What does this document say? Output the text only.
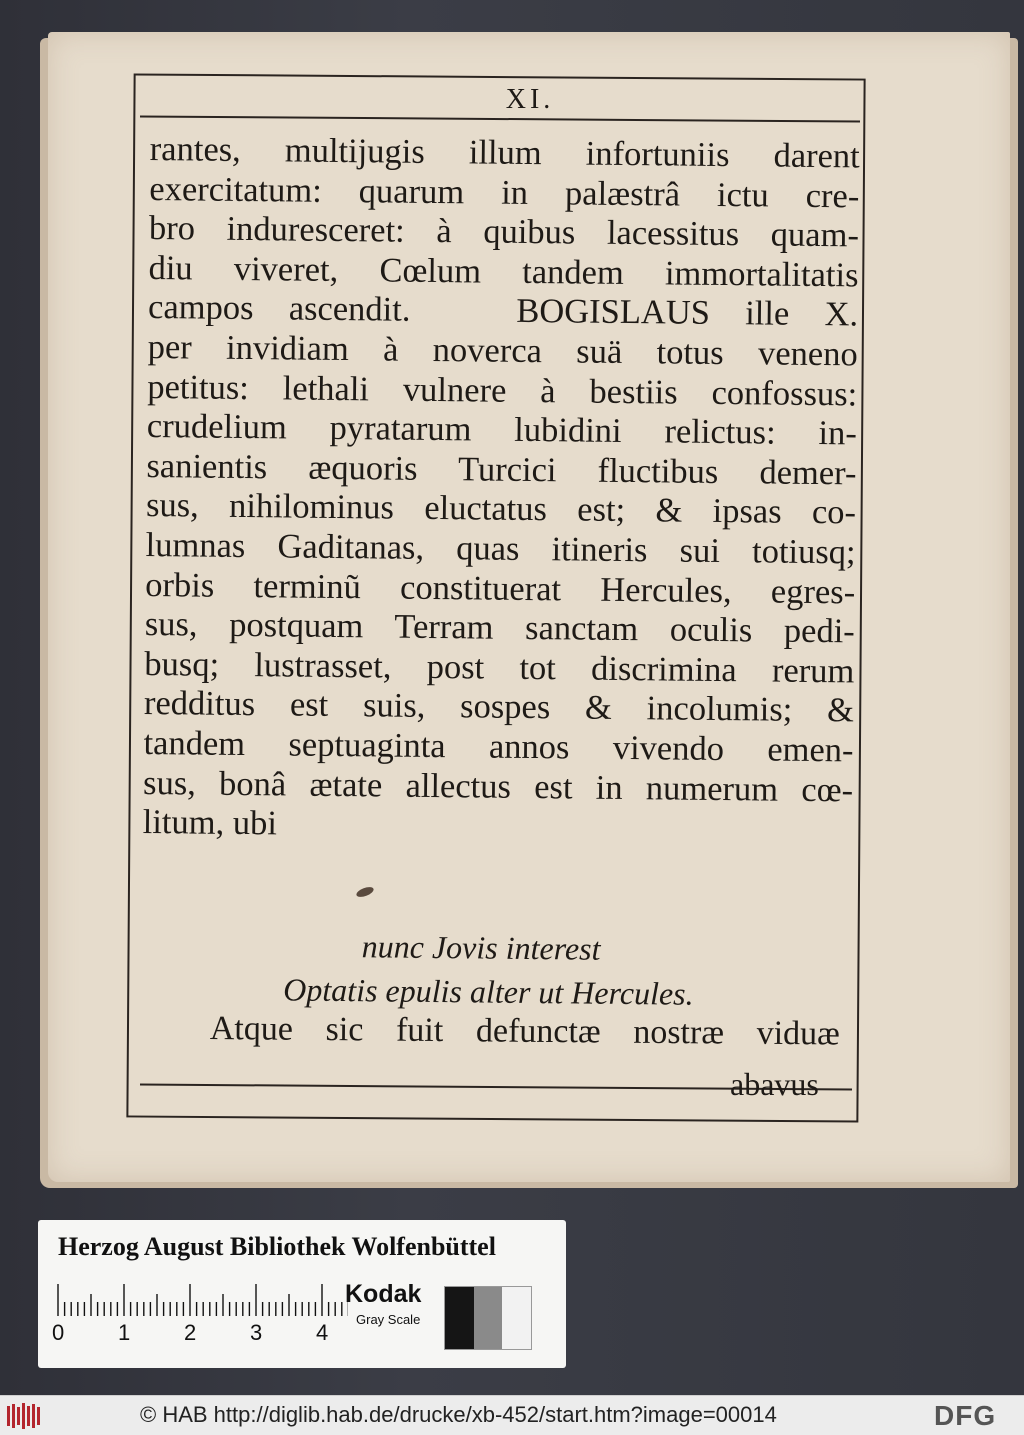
XI.
rantes, multijugis illum infortuniis darent
exercitatum: quarum in palæstrâ ictu cre-
bro induresceret: à quibus lacessitus quam-
diu viveret, Cœlum tandem immortalitatis
campos ascendit.   BOGISLAUS ille X.
per invidiam à noverca suä totus veneno
petitus: lethali vulnere à bestiis confossus:
crudelium pyratarum lubidini relictus: in-
sanientis æquoris Turcici fluctibus demer-
sus, nihilominus eluctatus est; & ipsas co-
lumnas Gaditanas, quas itineris sui totiusq;
orbis terminũ constituerat Hercules, egres-
sus, postquam Terram sanctam oculis pedi-
busq; lustrasset, post tot discrimina rerum
redditus est suis, sospes & incolumis; &
tandem septuaginta annos vivendo emen-
sus, bonâ ætate allectus est in numerum cœ-
litum, ubi
nunc Jovis interest
Optatis epulis alter ut Hercules.
Atque sic fuit defunctæ nostræ viduæ
abavus
Herzog August Bibliothek Wolfenbüttel
0 1 2 3 4
Kodak
Gray Scale
© HAB http://diglib.hab.de/drucke/xb-452/start.htm?image=00014	DFG
